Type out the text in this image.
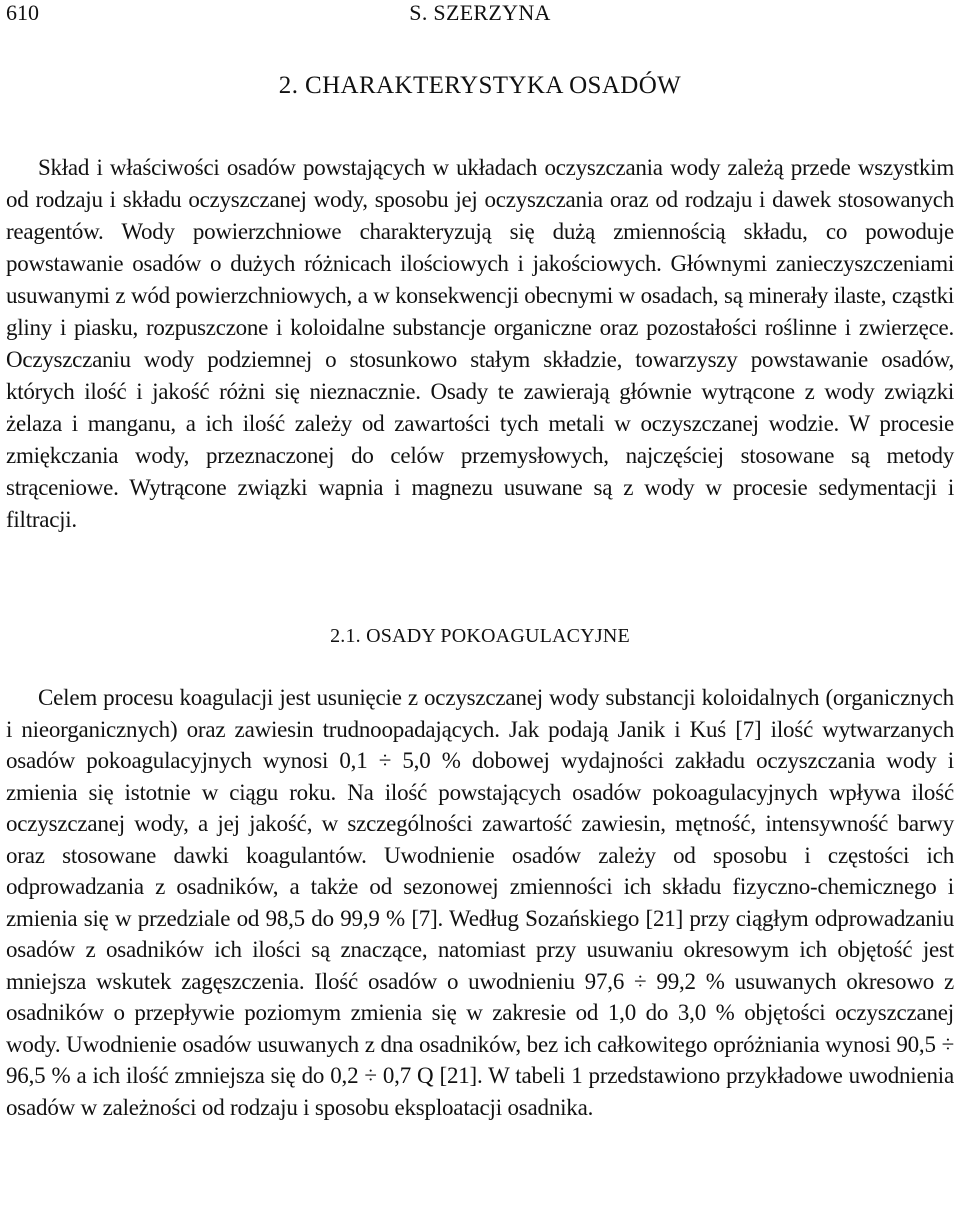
610	S. SZERZYNA
2. CHARAKTERYSTYKA OSADÓW

Skład i właściwości osadów powstających w układach oczyszczania wody zależą przede wszystkim od rodzaju i składu oczyszczanej wody, sposobu jej oczyszczania oraz od rodzaju i dawek stosowanych reagentów. Wody powierzchniowe charakteryzują się dużą zmiennością składu, co powoduje powstawanie osadów o dużych różnicach ilościowych i jakościowych. Głównymi zanieczyszczeniami usuwanymi z wód powierzchniowych, a w konsekwencji obecnymi w osadach, są minerały ilaste, cząstki gliny i piasku, rozpuszczone i koloidalne substancje organiczne oraz pozostałości roślinne i zwierzęce. Oczyszczaniu wody podziemnej o stosunkowo stałym składzie, towarzyszy powstawanie osadów, których ilość i jakość różni się nieznacznie. Osady te zawierają głównie wytrącone z wody związki żelaza i manganu, a ich ilość zależy od zawartości tych metali w oczyszczanej wodzie. W procesie zmiękczania wody, przeznaczonej do celów przemysłowych, najczęściej stosowane są metody strąceniowe. Wytrącone związki wapnia i magnezu usuwane są z wody w procesie sedymentacji i filtracji.

2.1. OSADY POKOAGULACYJNE

Celem procesu koagulacji jest usunięcie z oczyszczanej wody substancji koloidalnych (organicznych i nieorganicznych) oraz zawiesin trudnoopadających. Jak podają Janik i Kuś [7] ilość wytwarzanych osadów pokoagulacyjnych wynosi 0,1 ÷ 5,0 % dobowej wydajności zakładu oczyszczania wody i zmienia się istotnie w ciągu roku. Na ilość powstających osadów pokoagulacyjnych wpływa ilość oczyszczanej wody, a jej jakość, w szczególności zawartość zawiesin, mętność, intensywność barwy oraz stosowane dawki koagulantów. Uwodnienie osadów zależy od sposobu i częstości ich odprowadzania z osadników, a także od sezonowej zmienności ich składu fizyczno-chemicznego i zmienia się w przedziale od 98,5 do 99,9 % [7]. Według Sozańskiego [21] przy ciągłym odprowadzaniu osadów z osadników ich ilości są znaczące, natomiast przy usuwaniu okresowym ich objętość jest mniejsza wskutek zagęszczenia. Ilość osadów o uwodnieniu 97,6 ÷ 99,2 % usuwanych okresowo z osadników o przepływie poziomym zmienia się w zakresie od 1,0 do 3,0 % objętości oczyszczanej wody. Uwodnienie osadów usuwanych z dna osadników, bez ich całkowitego opróżniania wynosi 90,5 ÷ 96,5 % a ich ilość zmniejsza się do 0,2 ÷ 0,7 Q [21]. W tabeli 1 przedstawiono przykładowe uwodnienia osadów w zależności od rodzaju i sposobu eksploatacji osadnika.
